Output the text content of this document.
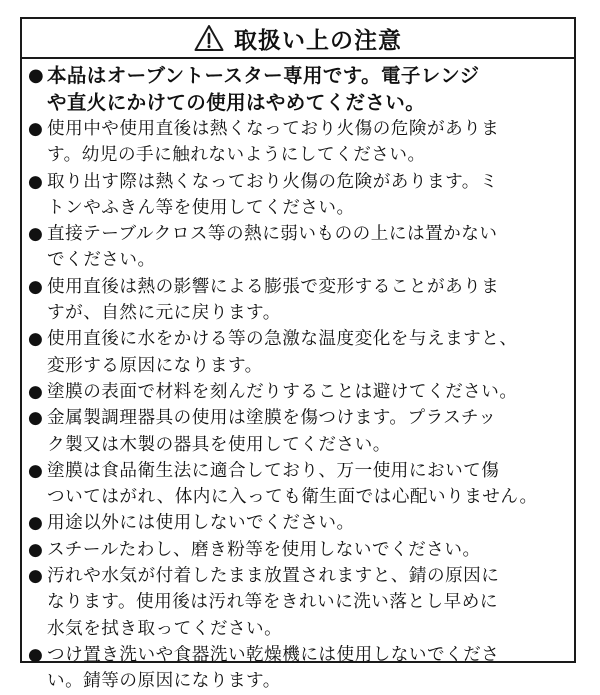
取扱い上の注意
● 本品はオーブントースター専用です。電子レンジ
や直火にかけての使用はやめてください。
● 使用中や使用直後は熱くなっており火傷の危険がありま
す。幼児の手に触れないようにしてください。
● 取り出す際は熱くなっており火傷の危険があります。ミ
トンやふきん等を使用してください。
● 直接テーブルクロス等の熱に弱いものの上には置かない
でください。
● 使用直後は熱の影響による膨張で変形することがありま
すが、自然に元に戻ります。
● 使用直後に水をかける等の急激な温度変化を与えますと、
変形する原因になります。
● 塗膜の表面で材料を刻んだりすることは避けてください。
● 金属製調理器具の使用は塗膜を傷つけます。プラスチッ
ク製又は木製の器具を使用してください。
● 塗膜は食品衛生法に適合しており、万一使用において傷
ついてはがれ、体内に入っても衛生面では心配いりません。
● 用途以外には使用しないでください。
● スチールたわし、磨き粉等を使用しないでください。
● 汚れや水気が付着したまま放置されますと、錆の原因に
なります。使用後は汚れ等をきれいに洗い落とし早めに
水気を拭き取ってください。
● つけ置き洗いや食器洗い乾燥機には使用しないでくださ
い。錆等の原因になります。
